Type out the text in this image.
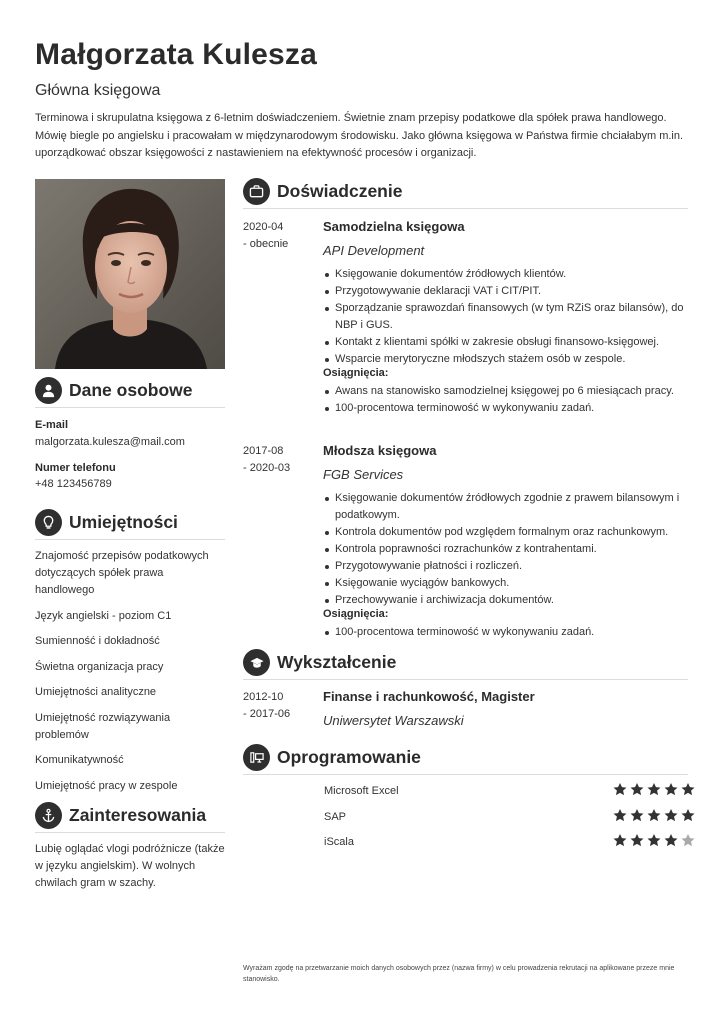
Małgorzata Kulesza
Główna księgowa
Terminowa i skrupulatna księgowa z 6-letnim doświadczeniem. Świetnie znam przepisy podatkowe dla spółek prawa handlowego. Mówię biegle po angielsku i pracowałam w międzynarodowym środowisku. Jako główna księgowa w Państwa firmie chciałabym m.in. uporządkować obszar księgowości z nastawieniem na efektywność procesów i organizacji.
Dane osobowe
E-mail
malgorzata.kulesza@mail.com
Numer telefonu
+48 123456789
Umiejętności
Znajomość przepisów podatkowych dotyczących spółek prawa handlowego
Język angielski - poziom C1
Sumienność i dokładność
Świetna organizacja pracy
Umiejętności analityczne
Umiejętność rozwiązywania problemów
Komunikatywność
Umiejętność pracy w zespole
Zainteresowania
Lubię oglądać vlogi podróżnicze (także w języku angielskim). W wolnych chwilach gram w szachy.
Doświadczenie
2020-04
- obecnie
Samodzielna księgowa
API Development
Księgowanie dokumentów źródłowych klientów.
Przygotowywanie deklaracji VAT i CIT/PIT.
Sporządzanie sprawozdań finansowych (w tym RZiS oraz bilansów), do NBP i GUS.
Kontakt z klientami spółki w zakresie obsługi finansowo-księgowej.
Wsparcie merytoryczne młodszych stażem osób w zespole.
Osiągnięcia:
Awans na stanowisko samodzielnej księgowej po 6 miesiącach pracy.
100-procentowa terminowość w wykonywaniu zadań.
2017-08
- 2020-03
Młodsza księgowa
FGB Services
Księgowanie dokumentów źródłowych zgodnie z prawem bilansowym i podatkowym.
Kontrola dokumentów pod względem formalnym oraz rachunkowym.
Kontrola poprawności rozrachunków z kontrahentami.
Przygotowywanie płatności i rozliczeń.
Księgowanie wyciągów bankowych.
Przechowywanie i archiwizacja dokumentów.
Osiągnięcia:
100-procentowa terminowość w wykonywaniu zadań.
Wykształcenie
2012-10
- 2017-06
Finanse i rachunkowość, Magister
Uniwersytet Warszawski
Oprogramowanie
Microsoft Excel
SAP
iScala
Wyrażam zgodę na przetwarzanie moich danych osobowych przez (nazwa firmy) w celu prowadzenia rekrutacji na aplikowane przeze mnie stanowisko.
